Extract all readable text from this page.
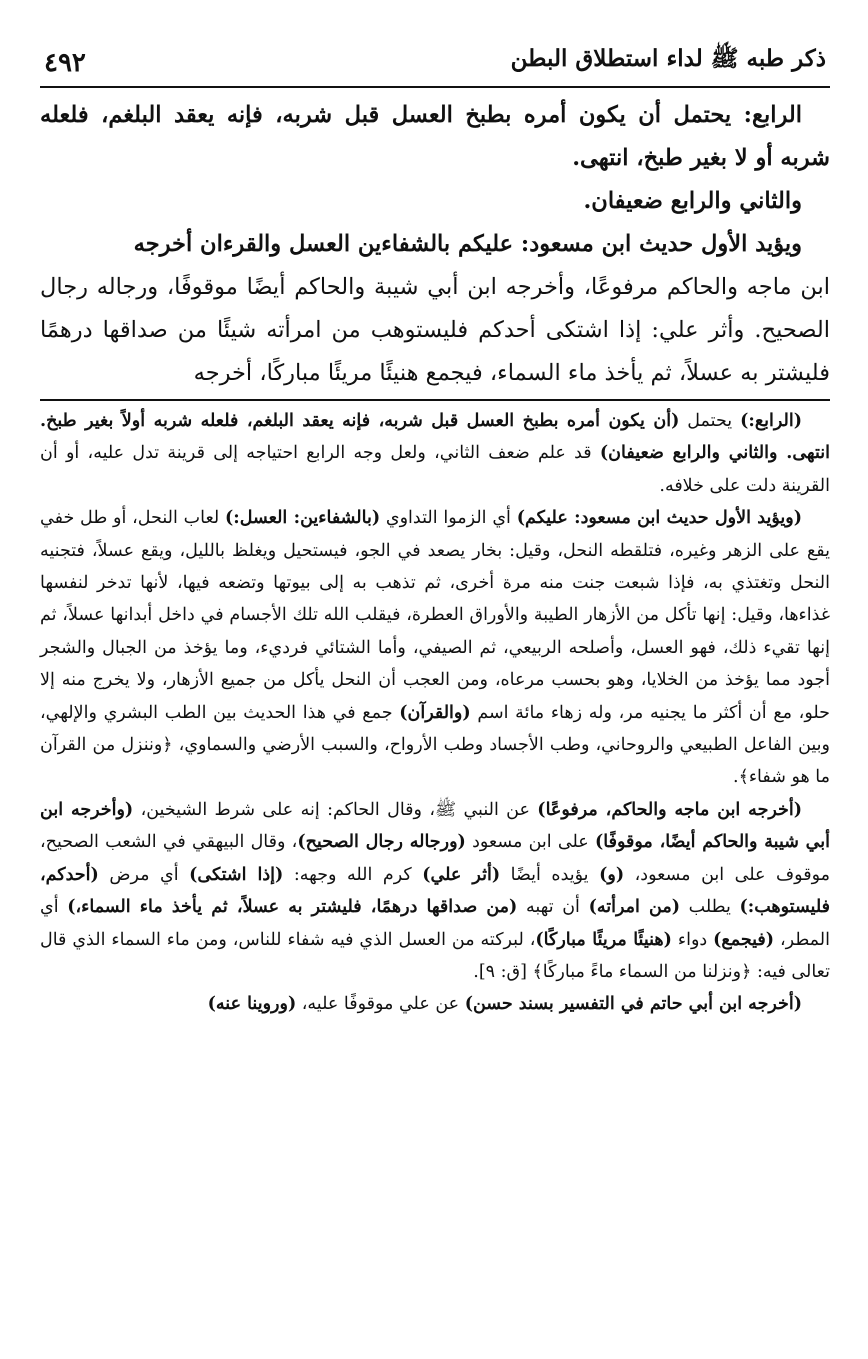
ذكر طبه ﷺ لداء استطلاق البطن
٤٩٢

الرابع: يحتمل أن يكون أمره بطبخ العسل قبل شربه، فإنه يعقد البلغم، فلعله شربه أو لا بغير طبخ، انتهى.

والثاني والرابع ضعيفان.

ويؤيد الأول حديث ابن مسعود: عليكم بالشفاءين العسل والقرءان أخرجه

ابن ماجه والحاكم مرفوعًا، وأخرجه ابن أبي شيبة والحاكم أيضًا موقوفًا، ورجاله رجال الصحيح. وأثر علي: إذا اشتكى أحدكم فليستوهب من امرأته شيئًا من صداقها درهمًا فليشتر به عسلاً، ثم يأخذ ماء السماء، فيجمع هنيئًا مريئًا مباركًا، أخرجه

(الرابع:) يحتمل (أن يكون أمره بطبخ العسل قبل شربه، فإنه يعقد البلغم، فلعله شربه أولاً بغير طبخ. انتهى. والثاني والرابع ضعيفان) قد علم ضعف الثاني، ولعل وجه الرابع احتياجه إلى قرينة تدل عليه، أو أن القرينة دلت على خلافه.

(ويؤيد الأول حديث ابن مسعود: عليكم) أي الزموا التداوي (بالشفاءين: العسل:) لعاب النحل، أو طل خفي يقع على الزهر وغيره، فتلقطه النحل، وقيل: بخار يصعد في الجو، فيستحيل ويغلظ بالليل، ويقع عسلاً، فتجنيه النحل وتغتذي به، فإذا شبعت جنت منه مرة أخرى، ثم تذهب به إلى بيوتها وتضعه فيها، لأنها تدخر لنفسها غذاءها، وقيل: إنها تأكل من الأزهار الطيبة والأوراق العطرة، فيقلب الله تلك الأجسام في داخل أبدانها عسلاً، ثم إنها تقيء ذلك، فهو العسل، وأصلحه الربيعي، ثم الصيفي، وأما الشتائي فرديء، وما يؤخذ من الجبال والشجر أجود مما يؤخذ من الخلايا، وهو بحسب مرعاه، ومن العجب أن النحل يأكل من جميع الأزهار، ولا يخرج منه إلا حلو، مع أن أكثر ما يجنيه مر، وله زهاء مائة اسم (والقرآن) جمع في هذا الحديث بين الطب البشري والإلهي، وبين الفاعل الطبيعي والروحاني، وطب الأجساد وطب الأرواح، والسبب الأرضي والسماوي، ﴿وننزل من القرآن ما هو شفاء﴾.

(أخرجه ابن ماجه والحاكم، مرفوعًا) عن النبي ﷺ، وقال الحاكم: إنه على شرط الشيخين، (وأخرجه ابن أبي شيبة والحاكم أيضًا، موقوفًا) على ابن مسعود (ورجاله رجال الصحيح)، وقال البيهقي في الشعب الصحيح، موقوف على ابن مسعود، (و) يؤيده أيضًا (أثر علي) كرم الله وجهه: (إذا اشتكى) أي مرض (أحدكم، فليستوهب:) يطلب (من امرأته) أن تهبه (من صداقها درهمًا، فليشتر به عسلاً، ثم يأخذ ماء السماء،) أي المطر، (فيجمع) دواء (هنيئًا مريئًا مباركًا)، لبركته من العسل الذي فيه شفاء للناس، ومن ماء السماء الذي قال تعالى فيه: ﴿ونزلنا من السماء ماءً مباركًا﴾ [ق: ٩].

(أخرجه ابن أبي حاتم في التفسير بسند حسن) عن علي موقوفًا عليه، (وروينا عنه)
